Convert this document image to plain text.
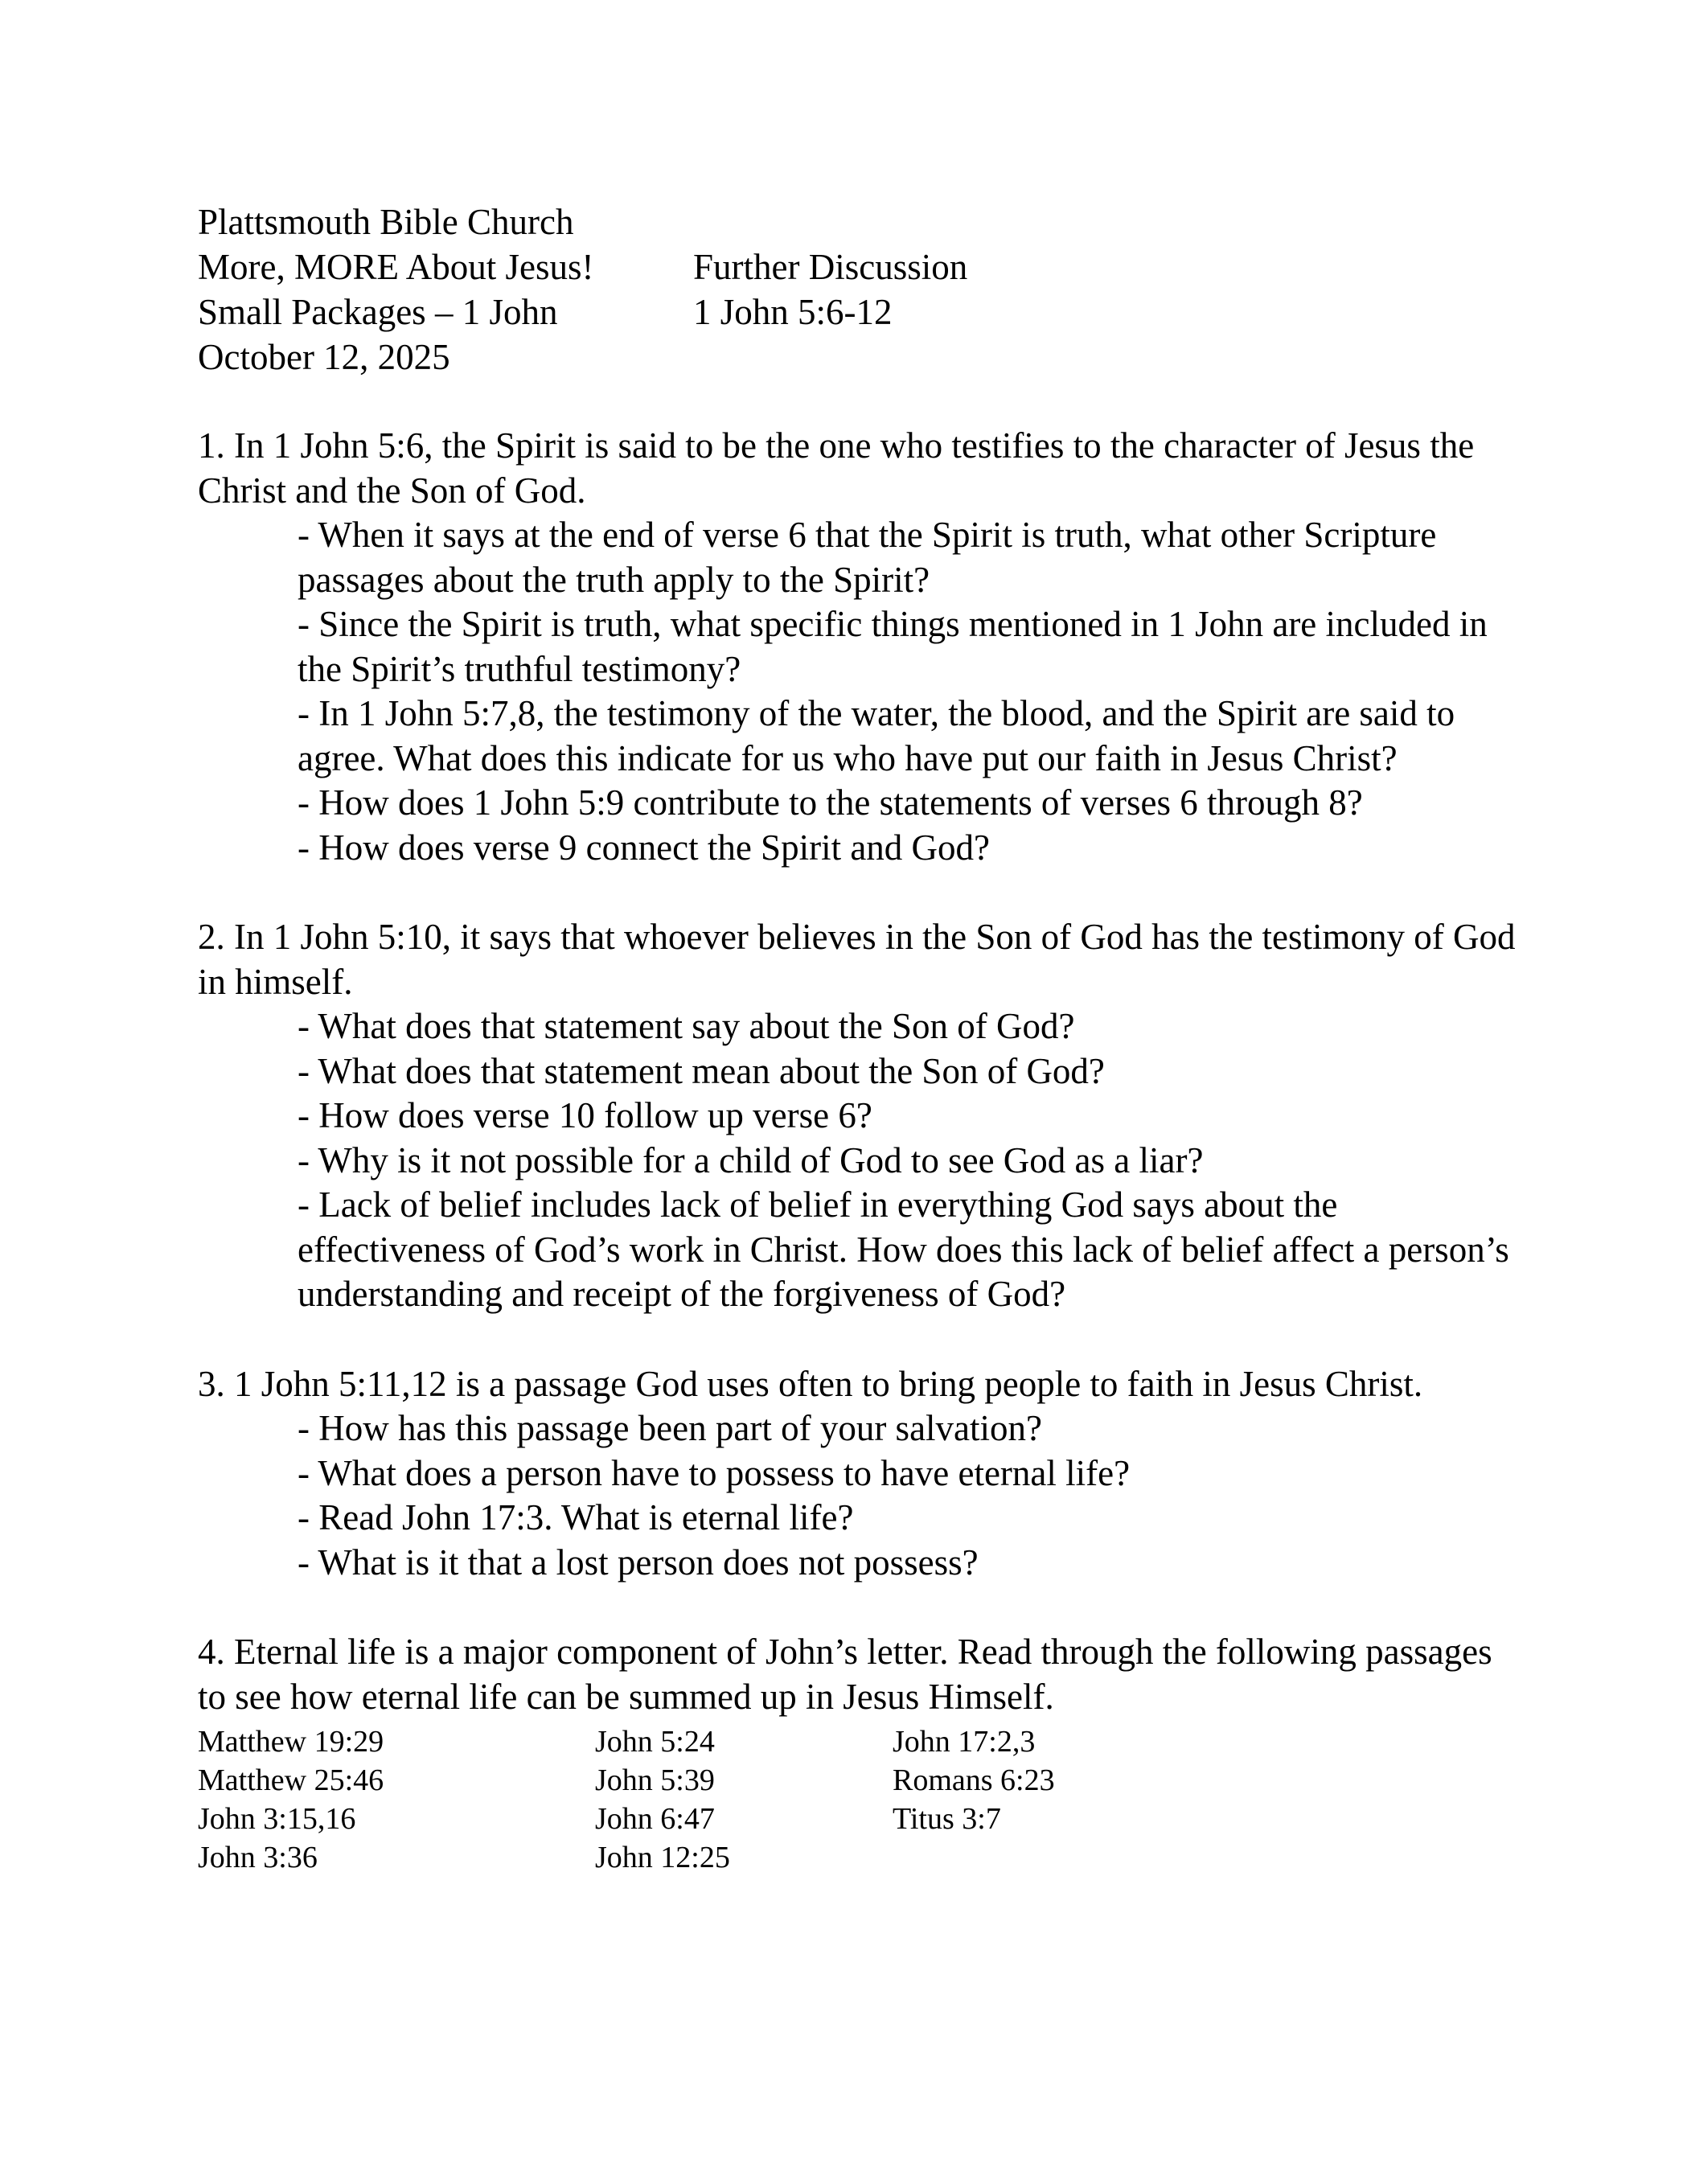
Plattsmouth Bible Church
More, MORE About Jesus!	Further Discussion
Small Packages – 1 John	1 John 5:6-12
October 12, 2025

1. In 1 John 5:6, the Spirit is said to be the one who testifies to the character of Jesus the Christ and the Son of God.

- When it says at the end of verse 6 that the Spirit is truth, what other Scripture passages about the truth apply to the Spirit?
- Since the Spirit is truth, what specific things mentioned in 1 John are included in the Spirit’s truthful testimony?
- In 1 John 5:7,8, the testimony of the water, the blood, and the Spirit are said to agree. What does this indicate for us who have put our faith in Jesus Christ?
- How does 1 John 5:9 contribute to the statements of verses 6 through 8?
- How does verse 9 connect the Spirit and God?

2. In 1 John 5:10, it says that whoever believes in the Son of God has the testimony of God in himself.

- What does that statement say about the Son of God?
- What does that statement mean about the Son of God?
- How does verse 10 follow up verse 6?
- Why is it not possible for a child of God to see God as a liar?
- Lack of belief includes lack of belief in everything God says about the effectiveness of God’s work in Christ. How does this lack of belief affect a person’s understanding and receipt of the forgiveness of God?

3. 1 John 5:11,12 is a passage God uses often to bring people to faith in Jesus Christ.

- How has this passage been part of your salvation?
- What does a person have to possess to have eternal life?
- Read John 17:3. What is eternal life?
- What is it that a lost person does not possess?

4. Eternal life is a major component of John’s letter. Read through the following passages to see how eternal life can be summed up in Jesus Himself.

Matthew 19:29
Matthew 25:46
John 3:15,16
John 3:36
John 5:24
John 5:39
John 6:47
John 12:25
John 17:2,3
Romans 6:23
Titus 3:7
